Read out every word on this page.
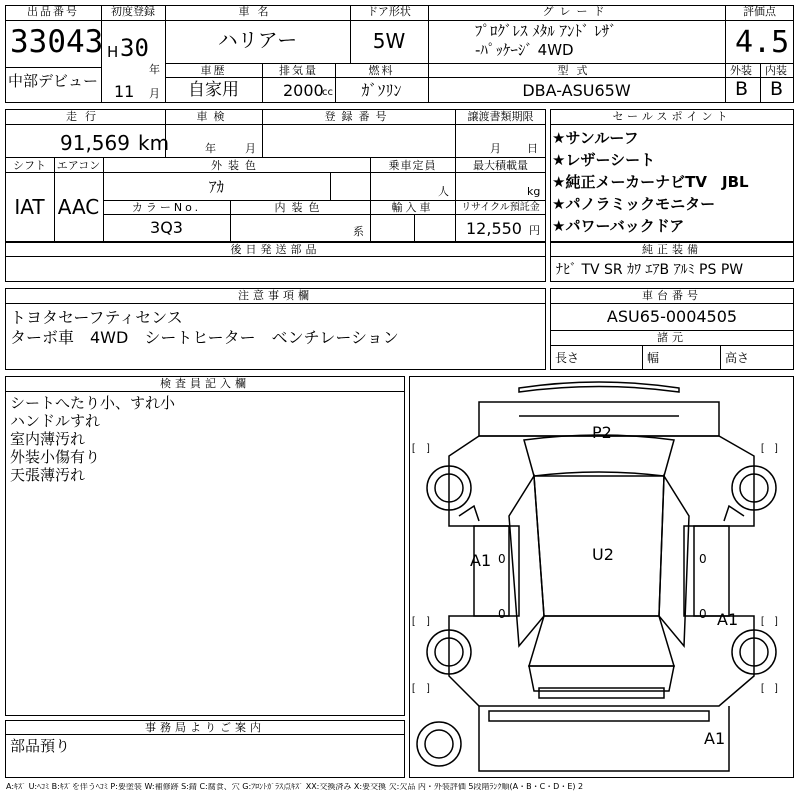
出品番号
33043
中部デビュー
初度登録
H 30
年
11 月
車名
ハリアー
ドア形状
5W
グレード
ﾌﾟﾛｸﾞﾚｽ ﾒﾀﾙ ｱﾝﾄﾞ ﾚｻﾞ
-ﾊﾟｯｹｰｼﾞ 4WD
評価点
4.5
外装 内装
B B
車歴
自家用
排気量
2000
cc
燃料
ｶﾞｿﾘﾝ
型式
DBA-ASU65W
走行
91,569 km
車検
年	月
登録番号	譲渡書類期限
月 日
シフト
IAT
エアコン
AAC
外装色
ｱｶ
乗車定員
人
最大積載量
kg
カラーNo.
3Q3
内装色
系
輸入車	リサイクル預託金
12,550 円
後日発送部品
セールスポイント
★サンルーフ
★レザーシート
★純正メーカーナビTV　JBL
★パノラミックモニター
★パワーバックドア
純正装備
ﾅﾋﾞ TV SR ｶﾜ ｴｱB ｱﾙﾐ PS PW
注意事項欄
トヨタセーフティセンス
ターボ車　4WD　シートヒーター　ベンチレーション
車台番号
ASU65-0004505
諸元
長さ	幅	高さ
検査員記入欄
シートへたり小、すれ小
ハンドルすれ
室内薄汚れ
外装小傷有り
天張薄汚れ
事務局よりご案内
部品預り
[ ]	[ ]
[ ]	[ ]
[ ]	[ ]
P2
U2
A1
A1
A1
0
0
0
0
A:ｷｽﾞ U:ﾍｺﾐ B:ｷｽﾞを伴うﾍｺﾐ P:要塗装 W:補修跡 S:錆 C:腐食、穴 G:ﾌﾛﾝﾄｶﾞﾗｽ点ｷｽﾞ XX:交換済み X:要交換 欠:欠品 内・外装評価 5段階ﾗﾝｸ順(A・B・C・D・E) 2
